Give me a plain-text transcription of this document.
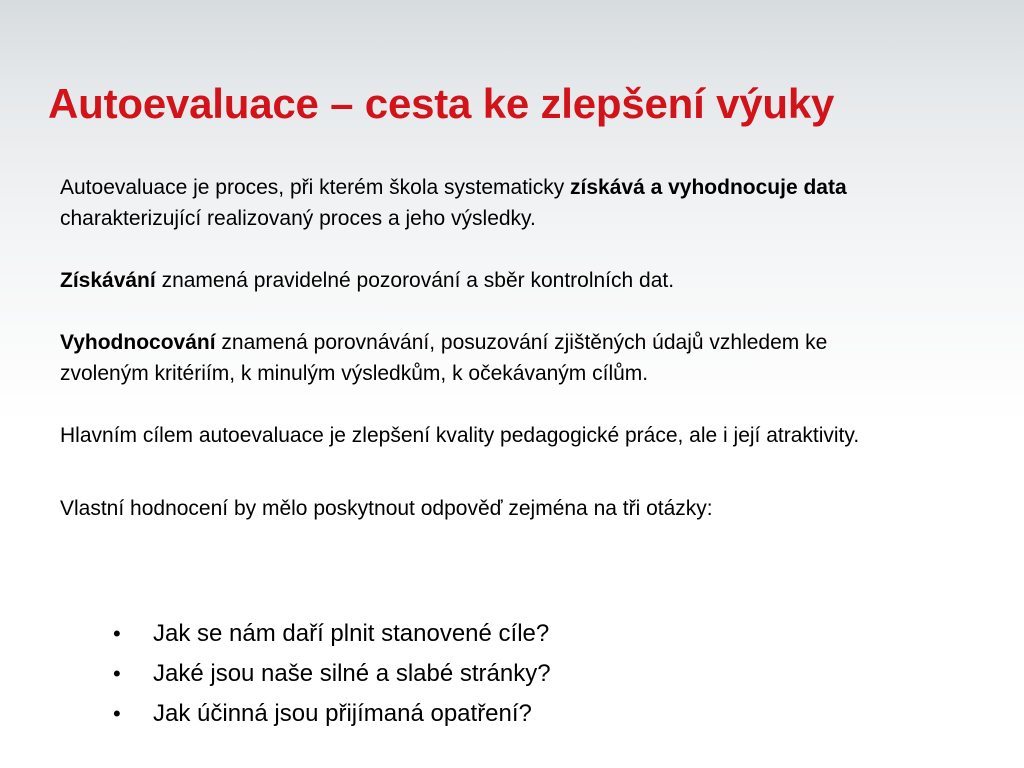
Autoevaluace – cesta ke zlepšení výuky

Autoevaluace je proces, při kterém škola systematicky získává a vyhodnocuje data charakterizující realizovaný proces a jeho výsledky.

Získávání znamená pravidelné pozorování a sběr kontrolních dat.

Vyhodnocování znamená porovnávání, posuzování zjištěných údajů vzhledem ke zvoleným kritériím, k minulým výsledkům, k očekávaným cílům.

Hlavním cílem autoevaluace je zlepšení kvality pedagogické práce, ale i její atraktivity.

Vlastní hodnocení by mělo poskytnout odpověď zejména na tři otázky:

•	Jak se nám daří plnit stanovené cíle?
•	Jaké jsou naše silné a slabé stránky?
•	Jak účinná jsou přijímaná opatření?
